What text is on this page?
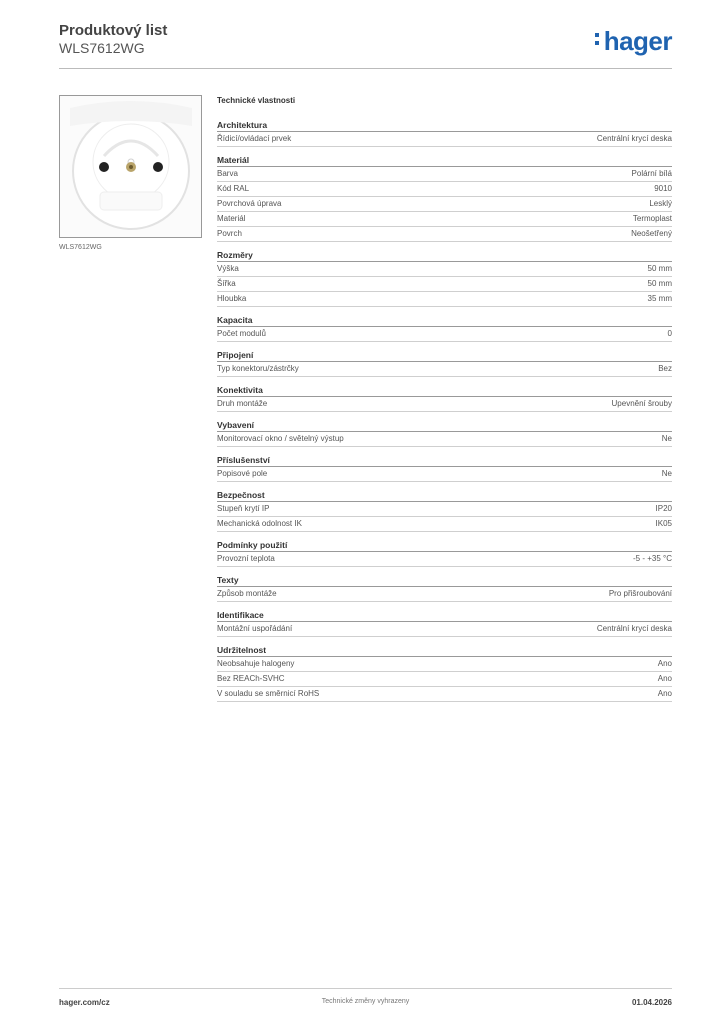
Produktový list
WLS7612WG	hager
WLS7612WG
Technické vlastnosti
Architektura
Řídicí/ovládací prvek	Centrální krycí deska
Materiál
Barva	Polární bílá
Kód RAL	9010
Povrchová úprava	Lesklý
Materiál	Termoplast
Povrch	Neošetřený
Rozměry
Výška	50 mm
Šířka	50 mm
Hloubka	35 mm
Kapacita
Počet modulů	0
Připojení
Typ konektoru/zástrčky	Bez
Konektivita
Druh montáže	Upevnění šrouby
Vybavení
Monitorovací okno / světelný výstup	Ne
Příslušenství
Popisové pole	Ne
Bezpečnost
Stupeň krytí IP	IP20
Mechanická odolnost IK	IK05
Podmínky použití
Provozní teplota	-5 - +35 °C
Texty
Způsob montáže	Pro přišroubování
Identifikace
Montážní uspořádání	Centrální krycí deska
Udržitelnost
Neobsahuje halogeny	Ano
Bez REACh-SVHC	Ano
V souladu se směrnicí RoHS	Ano
hager.com/cz	Technické změny vyhrazeny	01.04.2026
